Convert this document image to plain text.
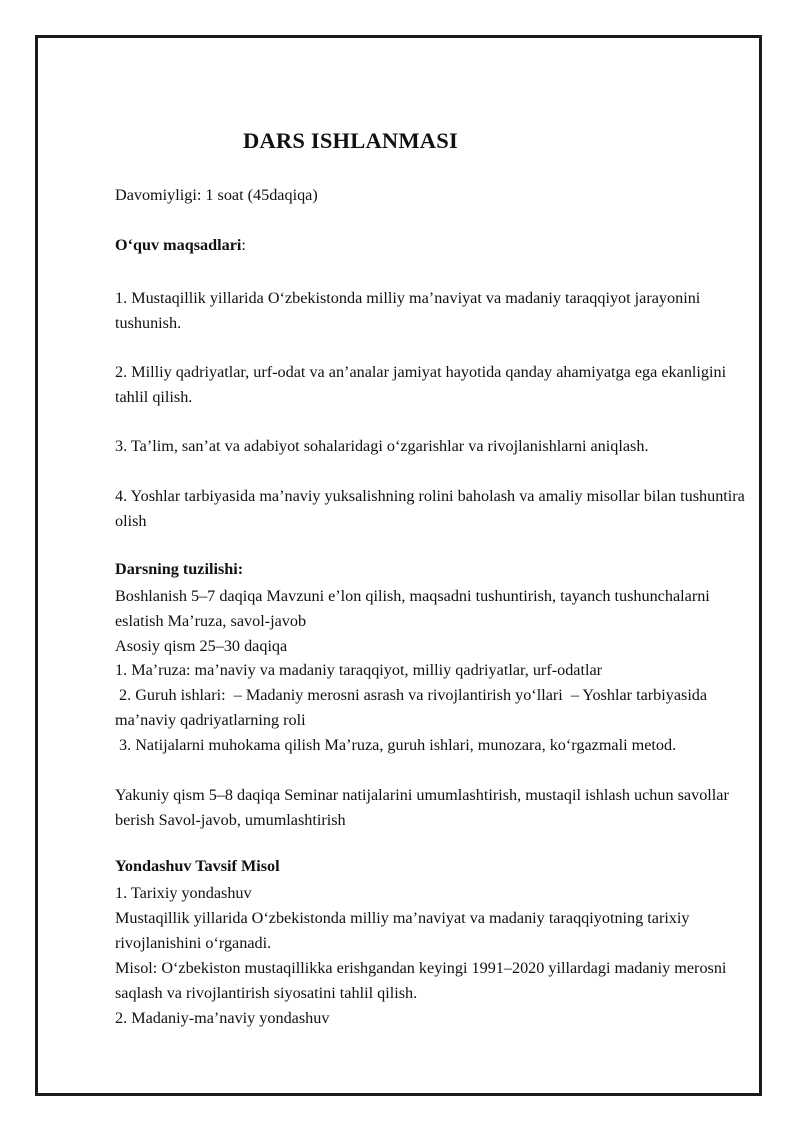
DARS ISHLANMASI
Davomiyligi: 1 soat (45daqiqa)
O‘quv maqsadlari:

1. Mustaqillik yillarida O‘zbekistonda milliy ma’naviyat va madaniy taraqqiyot jarayonini tushunish.

2. Milliy qadriyatlar, urf-odat va an’analar jamiyat hayotida qanday ahamiyatga ega ekanligini tahlil qilish.

3. Ta’lim, san’at va adabiyot sohalaridagi o‘zgarishlar va rivojlanishlarni aniqlash.

4. Yoshlar tarbiyasida ma’naviy yuksalishning rolini baholash va amaliy misollar bilan tushuntira olish

Darsning tuzilishi:

Boshlanish 5–7 daqiqa Mavzuni e’lon qilish, maqsadni tushuntirish, tayanch tushunchalarni eslatish Ma’ruza, savol-javob

Asosiy qism 25–30 daqiqa

1. Ma’ruza: ma’naviy va madaniy taraqqiyot, milliy qadriyatlar, urf-odatlar

2. Guruh ishlari:  – Madaniy merosni asrash va rivojlantirish yo‘llari  – Yoshlar tarbiyasida ma’naviy qadriyatlarning roli

3. Natijalarni muhokama qilish Ma’ruza, guruh ishlari, munozara, ko‘rgazmali metod.

Yakuniy qism 5–8 daqiqa Seminar natijalarini umumlashtirish, mustaqil ishlash uchun savollar berish Savol-javob, umumlashtirish

Yondashuv Tavsif Misol

1. Tarixiy yondashuv

Mustaqillik yillarida O‘zbekistonda milliy ma’naviyat va madaniy taraqqiyotning tarixiy rivojlanishini o‘rganadi.

Misol: O‘zbekiston mustaqillikka erishgandan keyingi 1991–2020 yillardagi madaniy merosni saqlash va rivojlantirish siyosatini tahlil qilish.

2. Madaniy-ma’naviy yondashuv
